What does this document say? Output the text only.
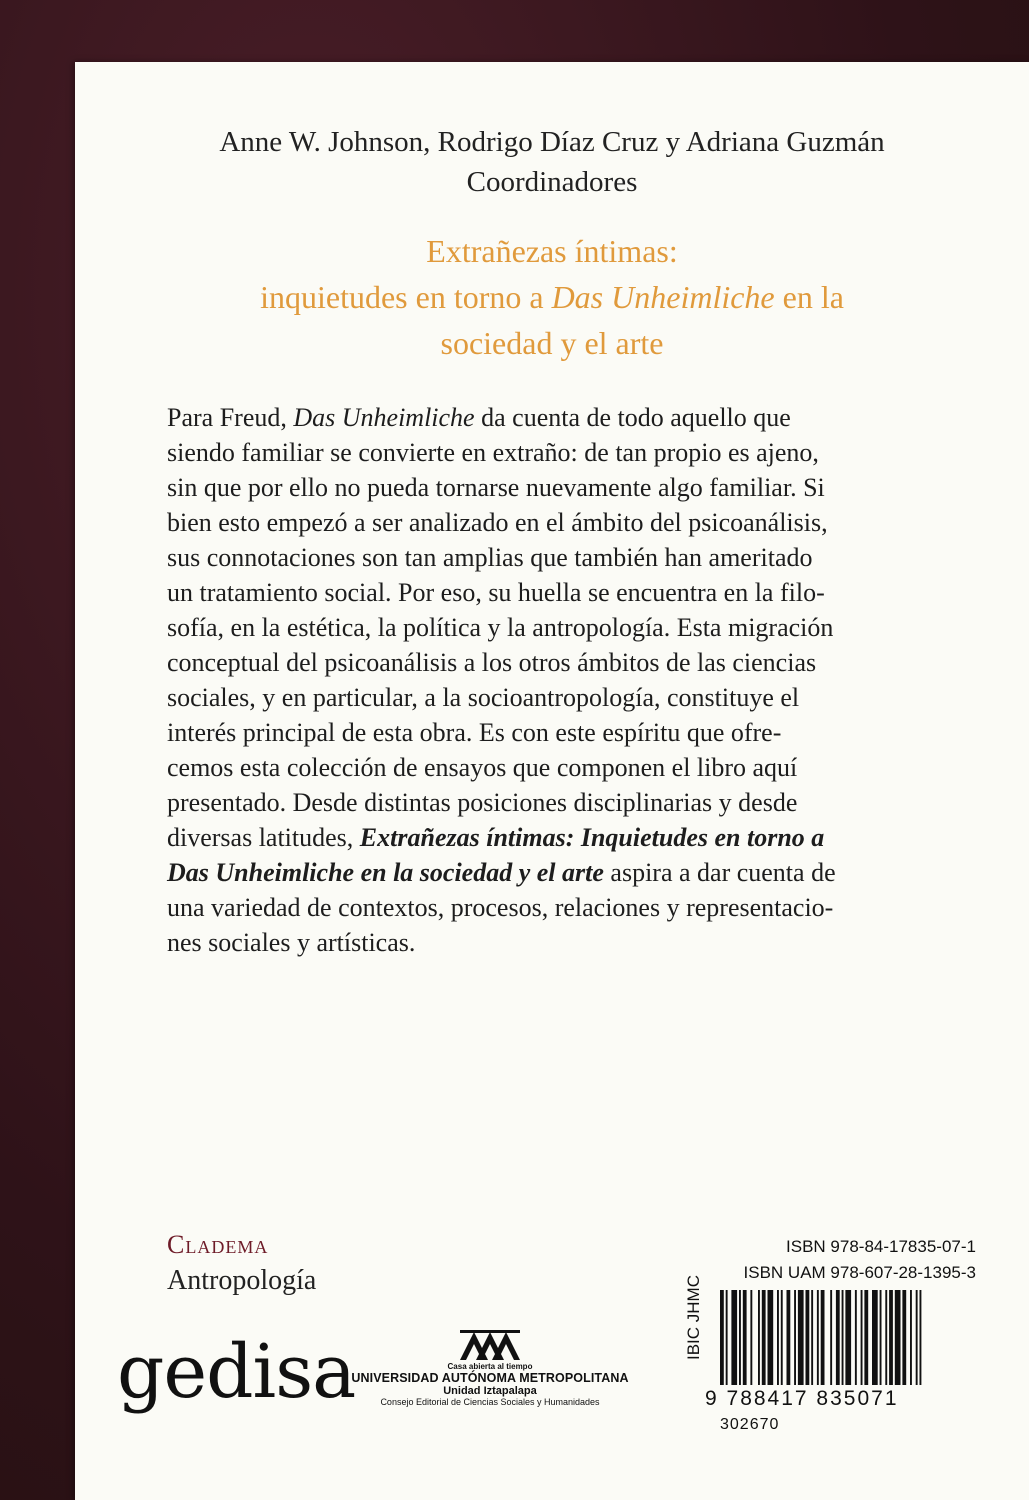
Anne W. Johnson, Rodrigo Díaz Cruz y Adriana Guzmán
Coordinadores
Extrañezas íntimas:
inquietudes en torno a Das Unheimliche en la
sociedad y el arte
Para Freud, Das Unheimliche da cuenta de todo aquello que
siendo familiar se convierte en extraño: de tan propio es ajeno,
sin que por ello no pueda tornarse nuevamente algo familiar. Si
bien esto empezó a ser analizado en el ámbito del psicoanálisis,
sus connotaciones son tan amplias que también han ameritado
un tratamiento social. Por eso, su huella se encuentra en la filo-
sofía, en la estética, la política y la antropología. Esta migración
conceptual del psicoanálisis a los otros ámbitos de las ciencias
sociales, y en particular, a la socioantropología, constituye el
interés principal de esta obra. Es con este espíritu que ofre-
cemos esta colección de ensayos que componen el libro aquí
presentado. Desde distintas posiciones disciplinarias y desde
diversas latitudes, Extrañezas íntimas: Inquietudes en torno a
Das Unheimliche en la sociedad y el arte aspira a dar cuenta de
una variedad de contextos, procesos, relaciones y representacio-
nes sociales y artísticas.
Cladema
Antropología
gedisa	Casa abierta al tiempo
UNIVERSIDAD AUTÓNOMA METROPOLITANA
Unidad Iztapalapa
Consejo Editorial de Ciencias Sociales y Humanidades
ISBN 978-84-17835-07-1
ISBN UAM 978-607-28-1395-3
IBIC JHMC
9 788417 835071
302670
